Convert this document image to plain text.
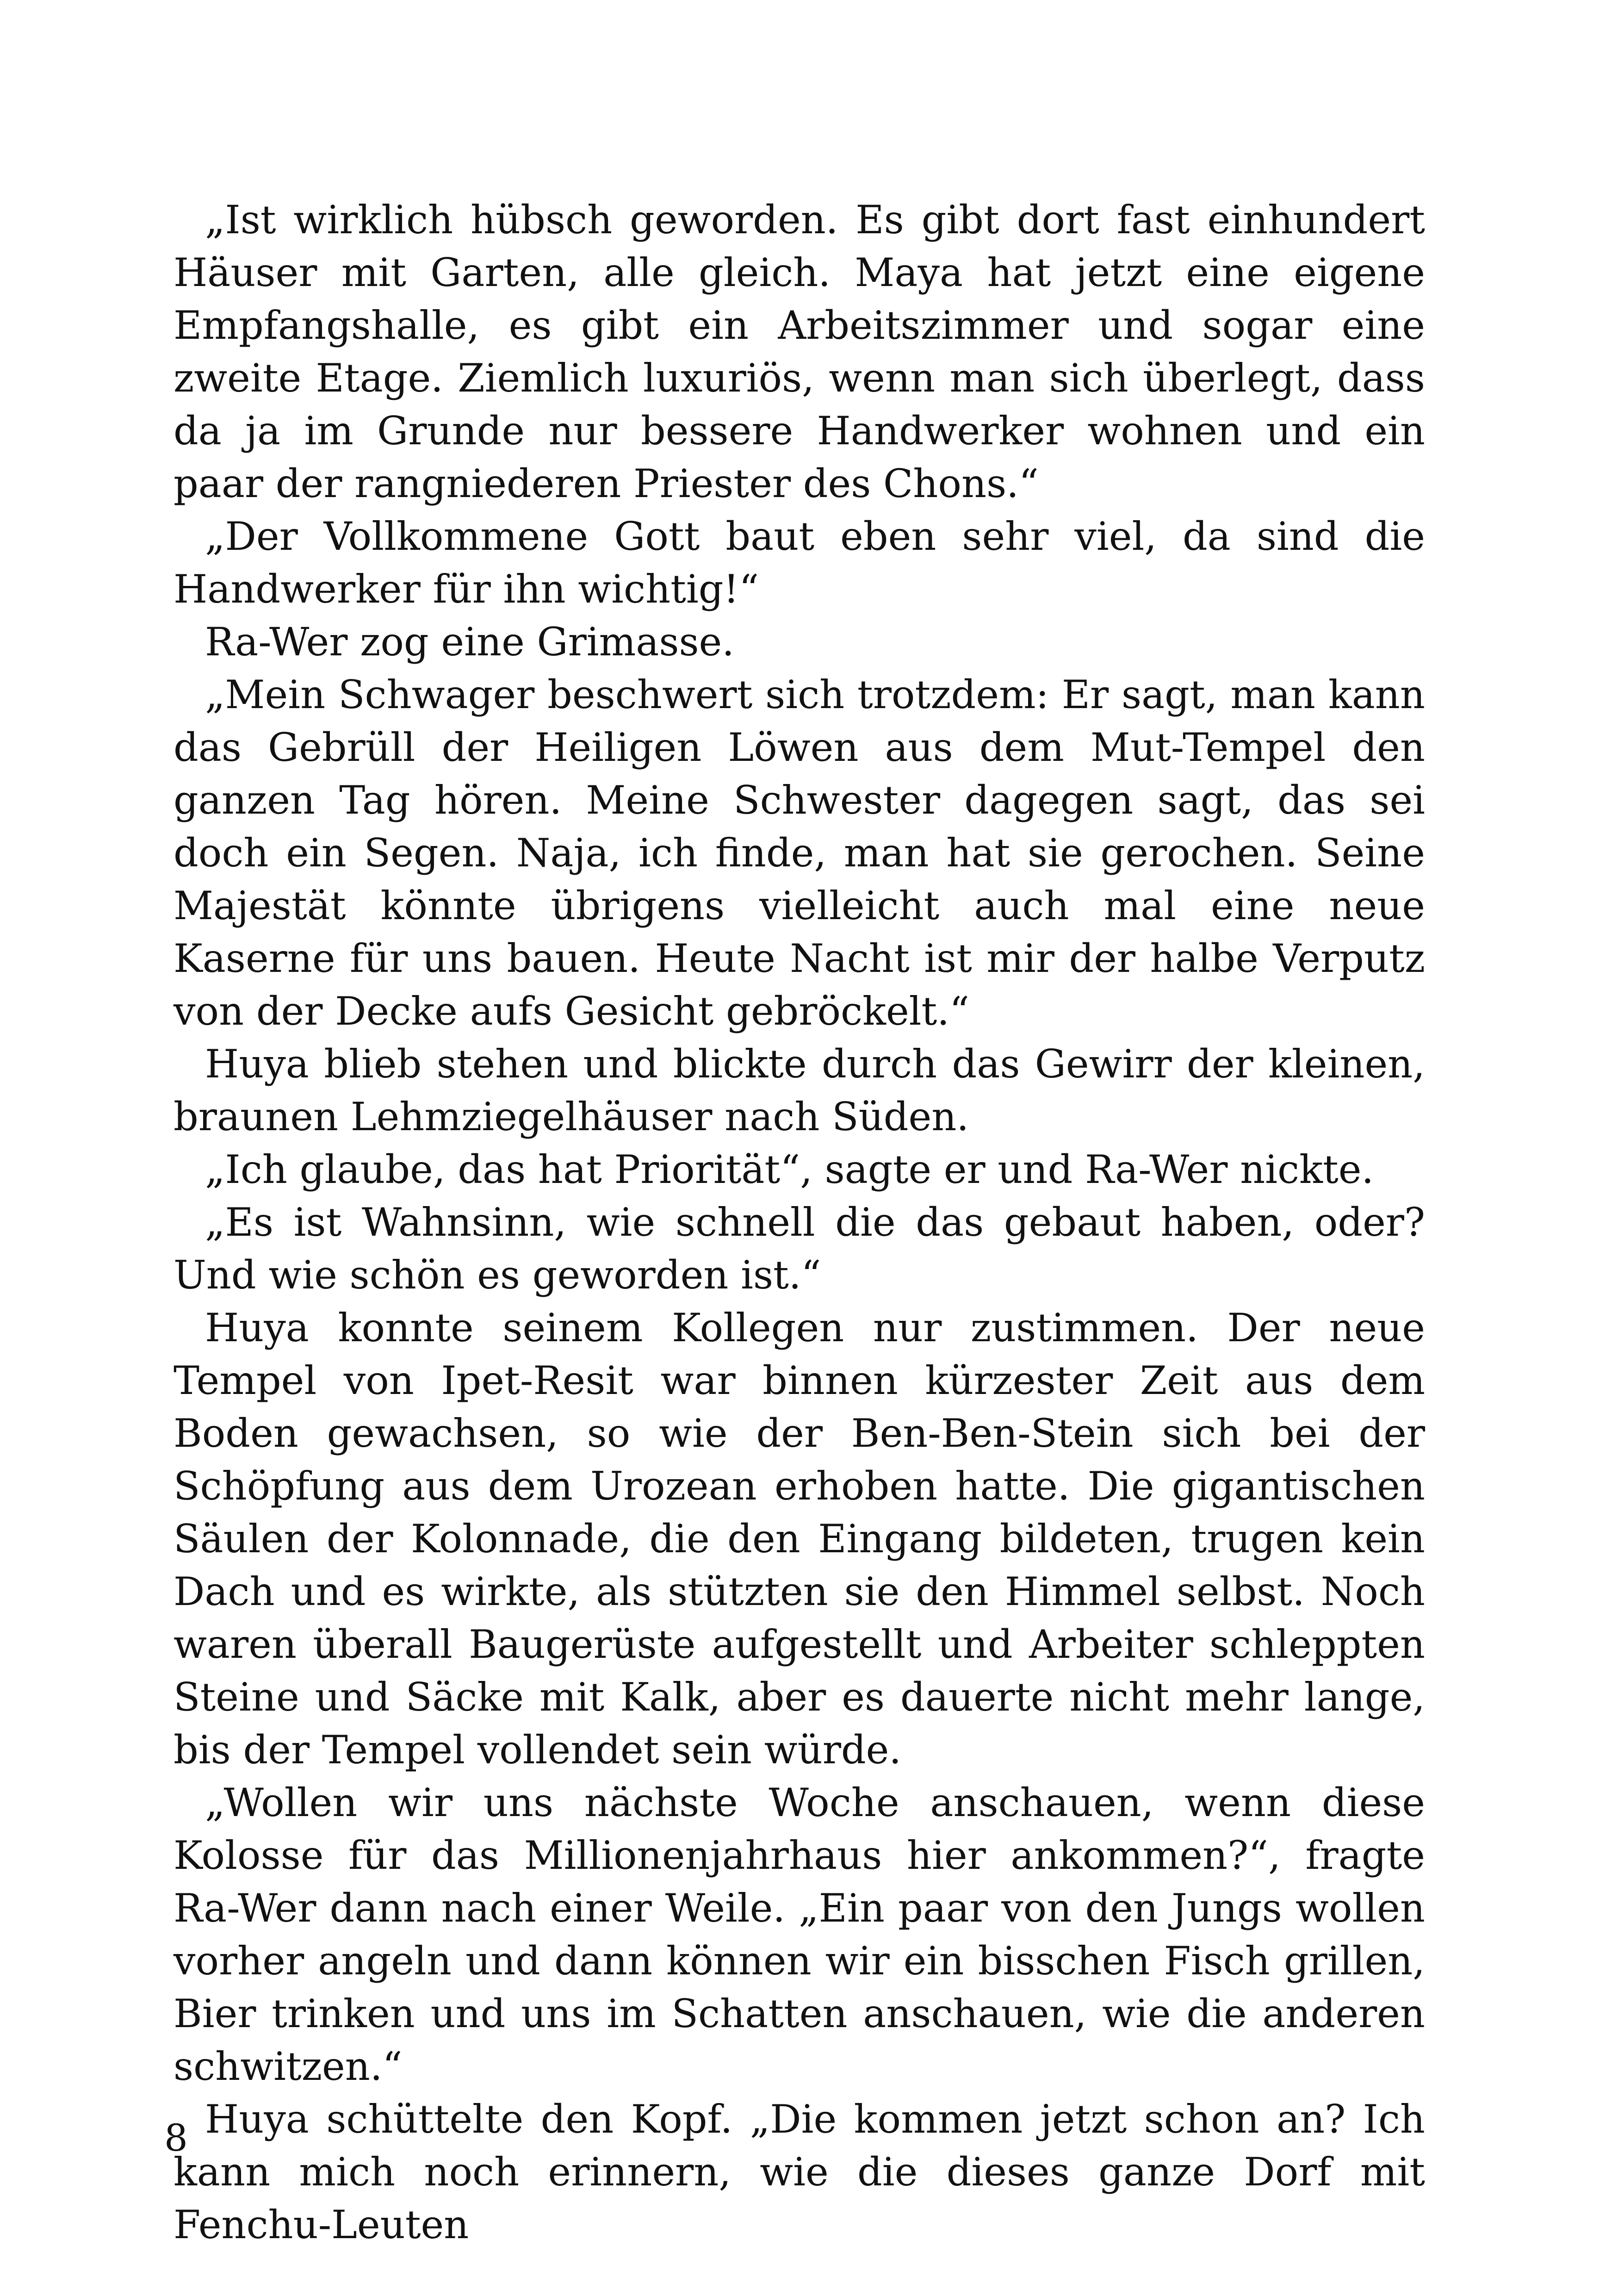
„Ist wirklich hübsch geworden. Es gibt dort fast einhundert Häuser mit Garten, alle gleich. Maya hat jetzt eine eigene Empfangshalle, es gibt ein Arbeitszimmer und sogar eine zweite Etage. Ziemlich luxuriös, wenn man sich überlegt, dass da ja im Grunde nur bessere Handwerker wohnen und ein paar der rangniederen Priester des Chons.“

„Der Vollkommene Gott baut eben sehr viel, da sind die Handwerker für ihn wichtig!“

Ra-Wer zog eine Grimasse.

„Mein Schwager beschwert sich trotzdem: Er sagt, man kann das Gebrüll der Heiligen Löwen aus dem Mut-Tempel den ganzen Tag hören. Meine Schwester dagegen sagt, das sei doch ein Segen. Naja, ich finde, man hat sie gerochen. Seine Majestät könnte übrigens vielleicht auch mal eine neue Kaserne für uns bauen. Heute Nacht ist mir der halbe Verputz von der Decke aufs Gesicht gebröckelt.“

Huya blieb stehen und blickte durch das Gewirr der kleinen, braunen Lehmziegelhäuser nach Süden.

„Ich glaube, das hat Priorität“, sagte er und Ra-Wer nickte.

„Es ist Wahnsinn, wie schnell die das gebaut haben, oder? Und wie schön es geworden ist.“

Huya konnte seinem Kollegen nur zustimmen. Der neue Tempel von Ipet-Resit war binnen kürzester Zeit aus dem Boden gewachsen, so wie der Ben-Ben-Stein sich bei der Schöpfung aus dem Urozean erhoben hatte. Die gigantischen Säulen der Kolonnade, die den Eingang bildeten, trugen kein Dach und es wirkte, als stützten sie den Himmel selbst. Noch waren überall Baugerüste aufgestellt und Arbeiter schleppten Steine und Säcke mit Kalk, aber es dauerte nicht mehr lange, bis der Tempel vollendet sein würde.

„Wollen wir uns nächste Woche anschauen, wenn diese Kolosse für das Millionenjahrhaus hier ankommen?“, fragte Ra-Wer dann nach einer Weile. „Ein paar von den Jungs wollen vorher angeln und dann können wir ein bisschen Fisch grillen, Bier trinken und uns im Schatten anschauen, wie die anderen schwitzen.“

Huya schüttelte den Kopf. „Die kommen jetzt schon an? Ich kann mich noch erinnern, wie die dieses ganze Dorf mit Fenchu-Leuten

8
